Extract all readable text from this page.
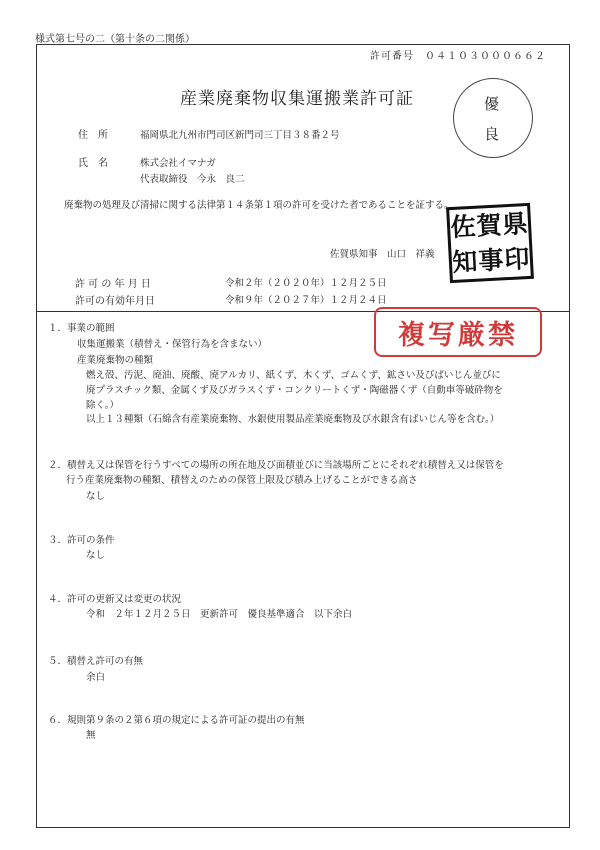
様式第七号の二（第十条の二関係）
許可番号　０４１０３０００６６２
産業廃棄物収集運搬業許可証	優
良
住　所	福岡県北九州市門司区新門司三丁目３８番２号
氏　名	株式会社イマナガ
代表取締役　今永　良二
廃棄物の処理及び清掃に関する法律第１４条第１項の許可を受けた者であることを証する。
佐賀県知事　山口　祥義
佐 賀 県
知 事 印
許 可 の 年 月 日	令和２年（２０２０年）１２月２５日
許可の有効年月日	令和９年（２０２７年）１２月２４日
複写厳禁
１．事業の範囲
収集運搬業（積替え・保管行為を含まない）
産業廃棄物の種類
燃え殻、汚泥、廃油、廃酸、廃アルカリ、紙くず、木くず、ゴムくず、鉱さい及びばいじん並びに
廃プラスチック類、金属くず及びガラスくず・コンクリートくず・陶磁器くず（自動車等破砕物を
除く。）
以上１３種類（石綿含有産業廃棄物、水銀使用製品産業廃棄物及び水銀含有ばいじん等を含む。）
２．積替え又は保管を行うすべての場所の所在地及び面積並びに当該場所ごとにそれぞれ積替え又は保管を
行う産業廃棄物の種類、積替えのための保管上限及び積み上げることができる高さ
なし
３．許可の条件
なし
４．許可の更新又は変更の状況
令和　２年１２月２５日　更新許可　優良基準適合　以下余白
５．積替え許可の有無
余白
６．規則第９条の２第６項の規定による許可証の提出の有無
無
